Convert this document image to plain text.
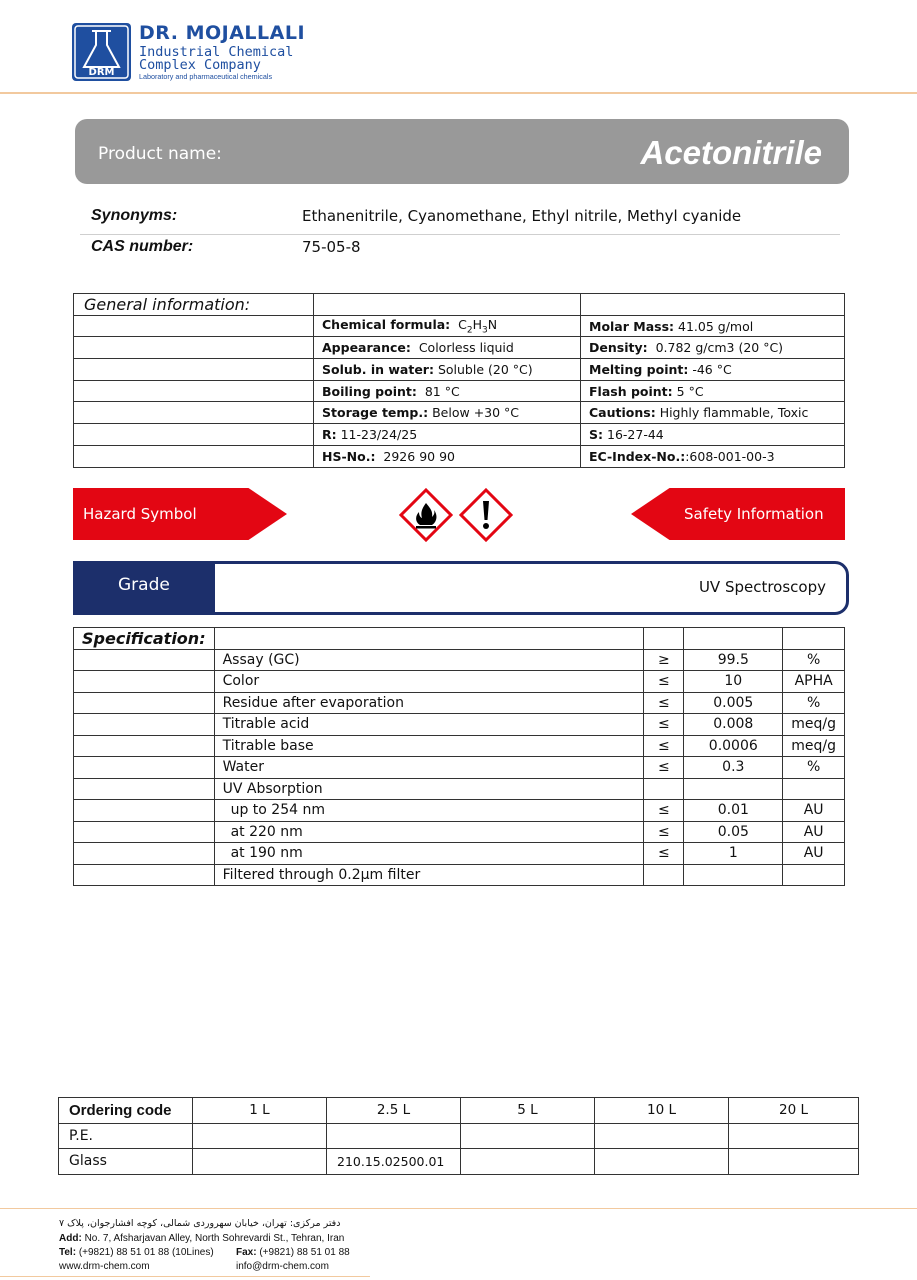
DRM
DR. MOJALLALI
Industrial Chemical
Complex Company
Laboratory and pharmaceutical chemicals
Product name:	Acetonitrile
Synonyms:	Ethanenitrile, Cyanomethane, Ethyl nitrile, Methyl cyanide
CAS number:	75-05-8
General information:		
	Chemical formula: $C_2H_3N$	Molar Mass: 41.05 g/mol
	Appearance: Colorless liquid	Density: 0.782 g/cm3 (20 °C)
	Solub. in water: Soluble (20 °C)	Melting point: -46 °C
	Boiling point: 81 °C	Flash point: 5 °C
	Storage temp.: Below +30 °C	Cautions: Highly flammable, Toxic
	R: 11-23/24/25	S: 16-27-44
	HS-No.: 2926 90 90	EC-Index-No.::608-001-00-3
Hazard Symbol	Safety Information
Grade	UV Spectroscopy
Specification:				
	Assay (GC)	≥	99.5	%
	Color	≤	10	APHA
	Residue after evaporation	≤	0.005	%
	Titrable acid	≤	0.008	meq/g
	Titrable base	≤	0.0006	meq/g
	Water	≤	0.3	%
	UV Absorption			
	up to 254 nm	≤	0.01	AU
	at 220 nm	≤	0.05	AU
	at 190 nm	≤	1	AU
	Filtered through 0.2µm filter			
Ordering code	1 L	2.5 L	5 L	10 L	20 L
P.E.					
Glass		210.15.02500.01			
دفتر مرکزی: تهران، خیابان سهروردی شمالی، کوچه افشارجوان، پلاک ۷
Add: No. 7, Afsharjavan Alley, North Sohrevardi St., Tehran, Iran
Tel: (+9821) 88 51 01 88 (10Lines) Fax: (+9821) 88 51 01 88
www.drm-chem.com	info@drm-chem.com
